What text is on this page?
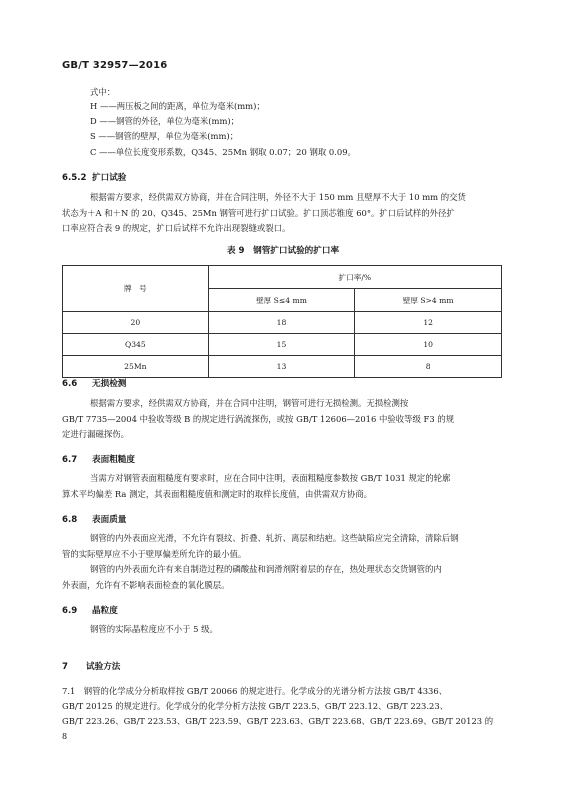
GB/T 32957—2016
式中：
H ——两压板之间的距离，单位为毫米(mm)；
D ——钢管的外径，单位为毫米(mm)；
S ——钢管的壁厚，单位为毫米(mm)；
C ——单位长度变形系数，Q345、25Mn 钢取 0.07；20 钢取 0.09。
6.5.2 扩口试验
根据需方要求，经供需双方协商，并在合同注明，外径不大于 150 mm 且壁厚不大于 10 mm 的交货
状态为＋A 和＋N 的 20、Q345、25Mn 钢管可进行扩口试验。扩口顶芯锥度 60°。扩口后试样的外径扩
口率应符合表 9 的规定，扩口后试样不允许出现裂缝或裂口。
表 9　钢管扩口试验的扩口率
牌　号	扩口率/%	
	壁厚 S≤4 mm	壁厚 S>4 mm
20	18	12
Q345	15	10
25Mn	13	8
6.6 无损检测
根据需方要求，经供需双方协商，并在合同中注明，钢管可进行无损检测。无损检测按
GB/T 7735—2004 中验收等级 B 的规定进行涡流探伤，或按 GB/T 12606—2016 中验收等级 F3 的规
定进行漏磁探伤。
6.7 表面粗糙度
当需方对钢管表面粗糙度有要求时，应在合同中注明，表面粗糙度参数按 GB/T 1031 规定的轮廓
算术平均偏差 Ra 测定，其表面粗糙度值和测定时的取样长度值，由供需双方协商。
6.8 表面质量
钢管的内外表面应光滑，不允许有裂纹、折叠、轧折、离层和结疤。这些缺陷应完全清除，清除后钢
管的实际壁厚应不小于壁厚偏差所允许的最小值。
钢管的内外表面允许有来自制造过程的磷酸盐和润滑剂附着层的存在，热处理状态交货钢管的内
外表面，允许有不影响表面检查的氧化膜层。
6.9 晶粒度
钢管的实际晶粒度应不小于 5 级。
7 试验方法
7.1　钢管的化学成分分析取样按 GB/T 20066 的规定进行。化学成分的光谱分析方法按 GB/T 4336、
GB/T 20125 的规定进行。化学成分的化学分析方法按 GB/T 223.5、GB/T 223.12、GB/T 223.23、
GB/T 223.26、GB/T 223.53、GB/T 223.59、GB/T 223.63、GB/T 223.68、GB/T 223.69、GB/T 20123 的
8
